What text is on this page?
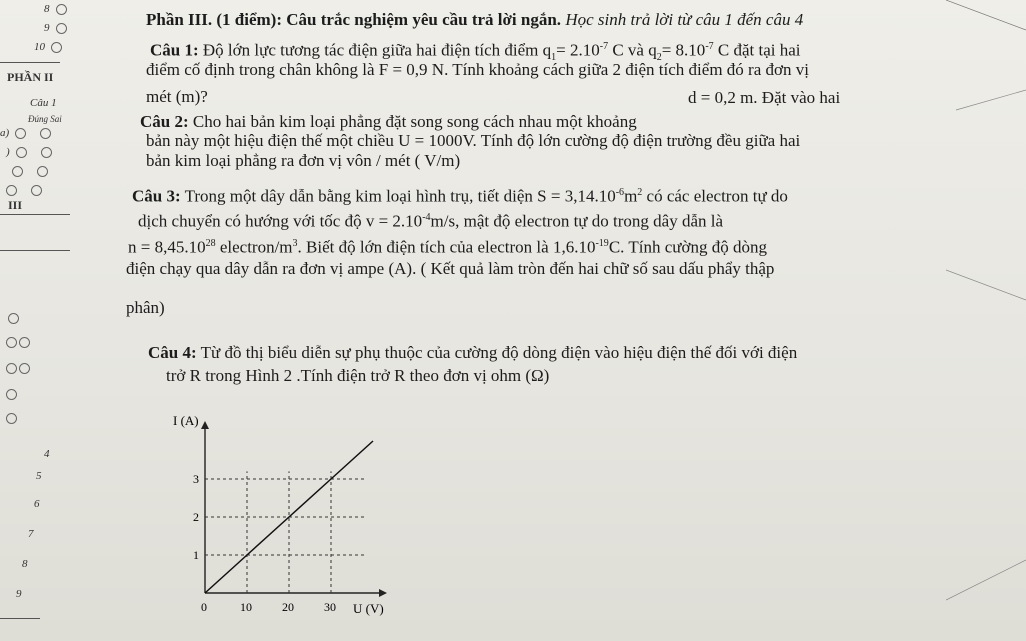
8
9
10
PHẦN II
Câu 1
Đúng Sai
a)
)
III
4
5
6
7
8
9
Phần III. (1 điểm): Câu trắc nghiệm yêu cầu trả lời ngắn. Học sinh trả lời từ câu 1 đến câu 4
Câu 1: Độ lớn lực tương tác điện giữa hai điện tích điểm $q_1= 2.10^{-7}$ C và $q_2= 8.10^{-7}$ C đặt tại hai
điểm cố định trong chân không là F = 0,9 N. Tính khoảng cách giữa 2 điện tích điểm đó ra đơn vị
mét (m)?	d = 0,2 m. Đặt vào hai
Câu 2: Cho hai bản kim loại phẳng đặt song song cách nhau một khoảng
bản này một hiệu điện thế một chiều U = 1000V. Tính độ lớn cường độ điện trường đều giữa hai
bản kim loại phẳng ra đơn vị vôn / mét ( V/m)
Câu 3: Trong một dây dẫn bằng kim loại hình trụ, tiết diện $S = 3,14.10^{-6}m^2$ có các electron tự do
dịch chuyển có hướng với tốc độ $v = 2.10^{-4}m/s$, mật độ electron tự do trong dây dẫn là
$n = 8,45.10^{28}$ electron/$m^3$. Biết độ lớn điện tích của electron là $1,6.10^{-19}C$. Tính cường độ dòng
điện chạy qua dây dẫn ra đơn vị ampe (A). ( Kết quả làm tròn đến hai chữ số sau dấu phẩy thập
phân)
Câu 4: Từ đồ thị biểu diễn sự phụ thuộc của cường độ dòng điện vào hiệu điện thế đối với điện
trở R trong Hình 2 .Tính điện trở R theo đơn vị ohm (Ω)
I (A)
U (V)
1
2
3
0	10	20	30
